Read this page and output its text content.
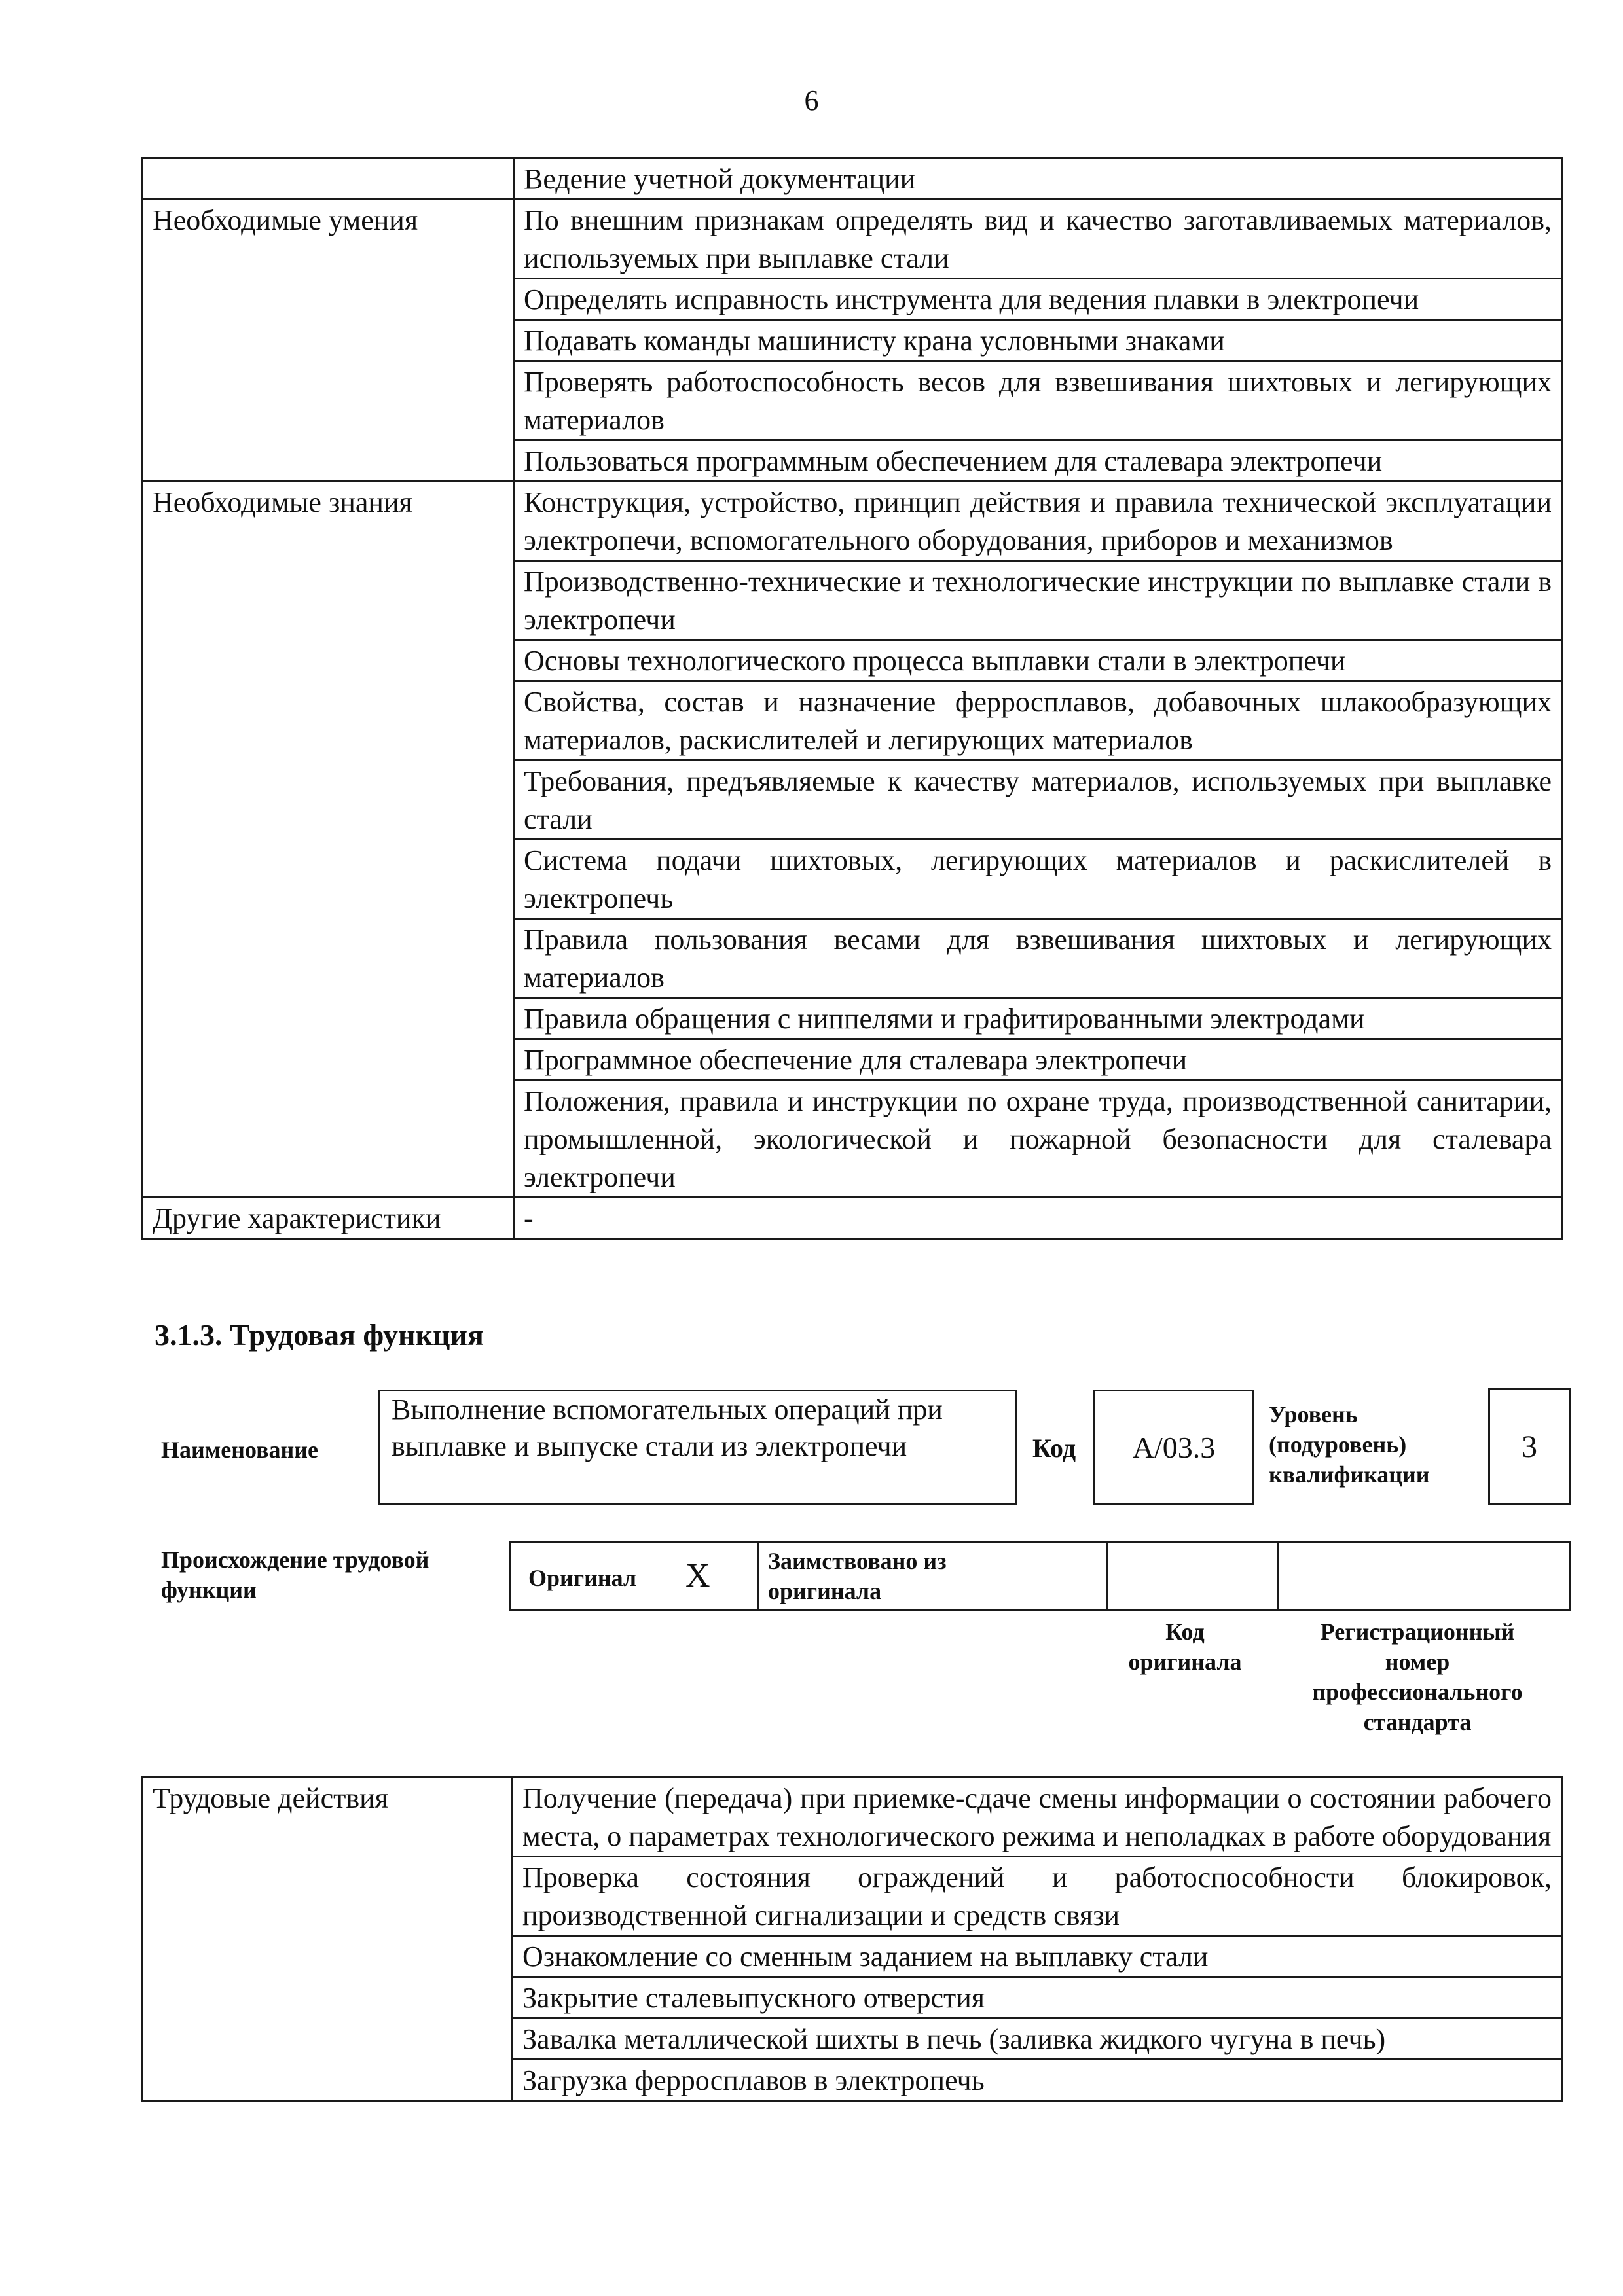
6
	Ведение учетной документации
Необходимые умения	По внешним признакам определять вид и качество заготавливаемых материалов, используемых при выплавке стали
	Определять исправность инструмента для ведения плавки в электропечи
	Подавать команды машинисту крана условными знаками
	Проверять работоспособность весов для взвешивания шихтовых и легирующих материалов
	Пользоваться программным обеспечением для сталевара электропечи
Необходимые знания	Конструкция, устройство, принцип действия и правила технической эксплуатации электропечи, вспомогательного оборудования, приборов и механизмов
	Производственно-технические и технологические инструкции по выплавке стали в электропечи
	Основы технологического процесса выплавки стали в электропечи
	Свойства, состав и назначение ферросплавов, добавочных шлакообразующих материалов, раскислителей и легирующих материалов
	Требования, предъявляемые к качеству материалов, используемых при выплавке стали
	Система подачи шихтовых, легирующих материалов и раскислителей в электропечь
	Правила пользования весами для взвешивания шихтовых и легирующих материалов
	Правила обращения с ниппелями и графитированными электродами
	Программное обеспечение для сталевара электропечи
	Положения, правила и инструкции по охране труда, производственной санитарии, промышленной, экологической и пожарной безопасности для сталевара электропечи
Другие характеристики	-
3.1.3. Трудовая функция
Наименование
Выполнение вспомогательных операций при выплавке и выпуске стали из электропечи	Код А/03.3
Уровень (подуровень) квалификации
3
Происхождение трудовой функции	Оригинал X Заимствовано из оригинала
Код оригинала
Регистрационный номер профессионального стандарта
Трудовые действия	Получение (передача) при приемке-сдаче смены информации о состоянии рабочего места, о параметрах технологического режима и неполадках в работе оборудования
Проверка состояния ограждений и работоспособности блокировок, производственной сигнализации и средств связи
Ознакомление со сменным заданием на выплавку стали
Закрытие сталевыпускного отверстия
Завалка металлической шихты в печь (заливка жидкого чугуна в печь)
Загрузка ферросплавов в электропечь
